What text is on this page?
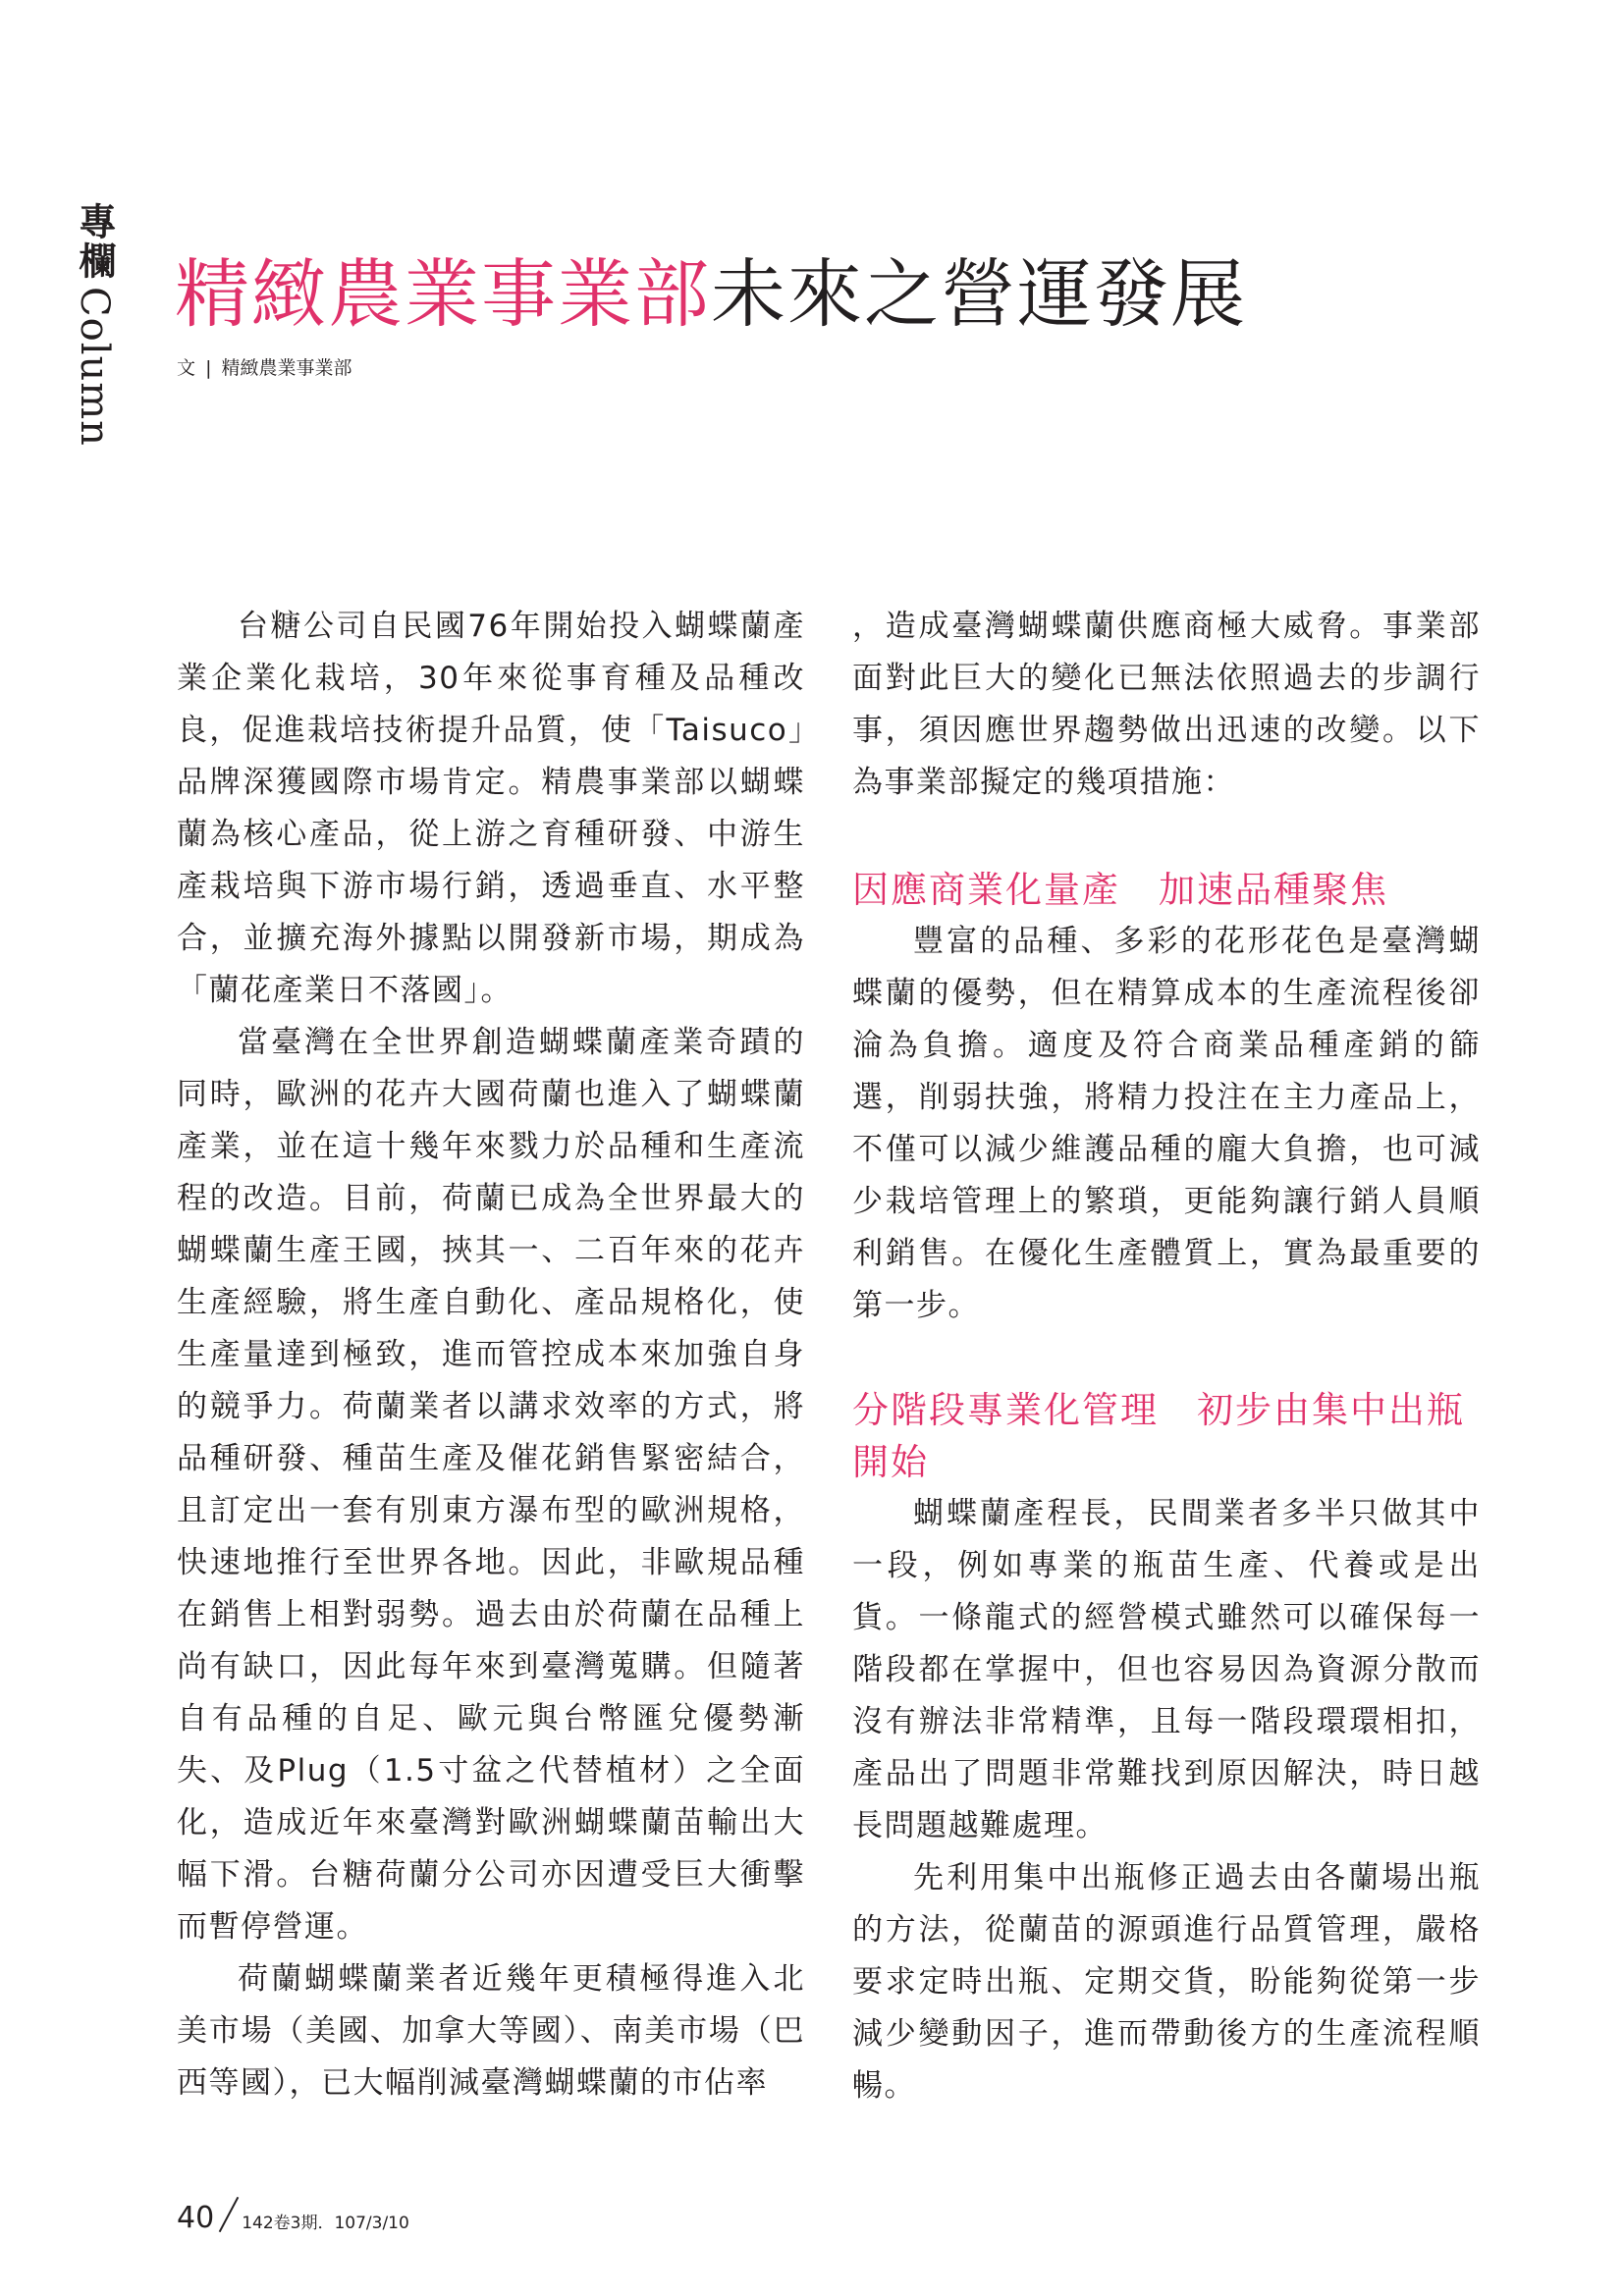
專欄
Column 精緻農業事業部未來之營運發展
文 | 精緻農業事業部

台糖公司自民國76年開始投入蝴蝶蘭產業企業化栽培，30年來從事育種及品種改良，促進栽培技術提升品質，使「Taisuco」品牌深獲國際市場肯定。精農事業部以蝴蝶蘭為核心產品，從上游之育種研發、中游生產栽培與下游市場行銷，透過垂直、水平整合，並擴充海外據點以開發新市場，期成為「蘭花產業日不落國」。

當臺灣在全世界創造蝴蝶蘭產業奇蹟的同時，歐洲的花卉大國荷蘭也進入了蝴蝶蘭產業，並在這十幾年來戮力於品種和生產流程的改造。目前，荷蘭已成為全世界最大的蝴蝶蘭生產王國，挾其一、二百年來的花卉生產經驗，將生產自動化、產品規格化，使生產量達到極致，進而管控成本來加強自身的競爭力。荷蘭業者以講求效率的方式，將品種研發、種苗生產及催花銷售緊密結合，且訂定出一套有別東方瀑布型的歐洲規格，快速地推行至世界各地。因此，非歐規品種在銷售上相對弱勢。過去由於荷蘭在品種上尚有缺口，因此每年來到臺灣蒐購。但隨著自有品種的自足、歐元與台幣匯兌優勢漸失、及Plug（1.5寸盆之代替植材）之全面化，造成近年來臺灣對歐洲蝴蝶蘭苗輸出大幅下滑。台糖荷蘭分公司亦因遭受巨大衝擊而暫停營運。

荷蘭蝴蝶蘭業者近幾年更積極得進入北美市場（美國、加拿大等國）、南美市場（巴西等國），已大幅削減臺灣蝴蝶蘭的市佔率

，造成臺灣蝴蝶蘭供應商極大威脅。事業部面對此巨大的變化已無法依照過去的步調行事，須因應世界趨勢做出迅速的改變。以下為事業部擬定的幾項措施：

因應商業化量產　加速品種聚焦

豐富的品種、多彩的花形花色是臺灣蝴蝶蘭的優勢，但在精算成本的生產流程後卻淪為負擔。適度及符合商業品種產銷的篩選，削弱扶強，將精力投注在主力產品上，不僅可以減少維護品種的龐大負擔，也可減少栽培管理上的繁瑣，更能夠讓行銷人員順利銷售。在優化生產體質上，實為最重要的第一步。

分階段專業化管理　初步由集中出瓶開始

蝴蝶蘭產程長，民間業者多半只做其中一段，例如專業的瓶苗生產、代養或是出貨。一條龍式的經營模式雖然可以確保每一階段都在掌握中，但也容易因為資源分散而沒有辦法非常精準，且每一階段環環相扣，產品出了問題非常難找到原因解決，時日越長問題越難處理。

先利用集中出瓶修正過去由各蘭場出瓶的方法，從蘭苗的源頭進行品質管理，嚴格要求定時出瓶、定期交貨，盼能夠從第一步減少變動因子，進而帶動後方的生產流程順暢。

40 142卷3期．107/3/10
